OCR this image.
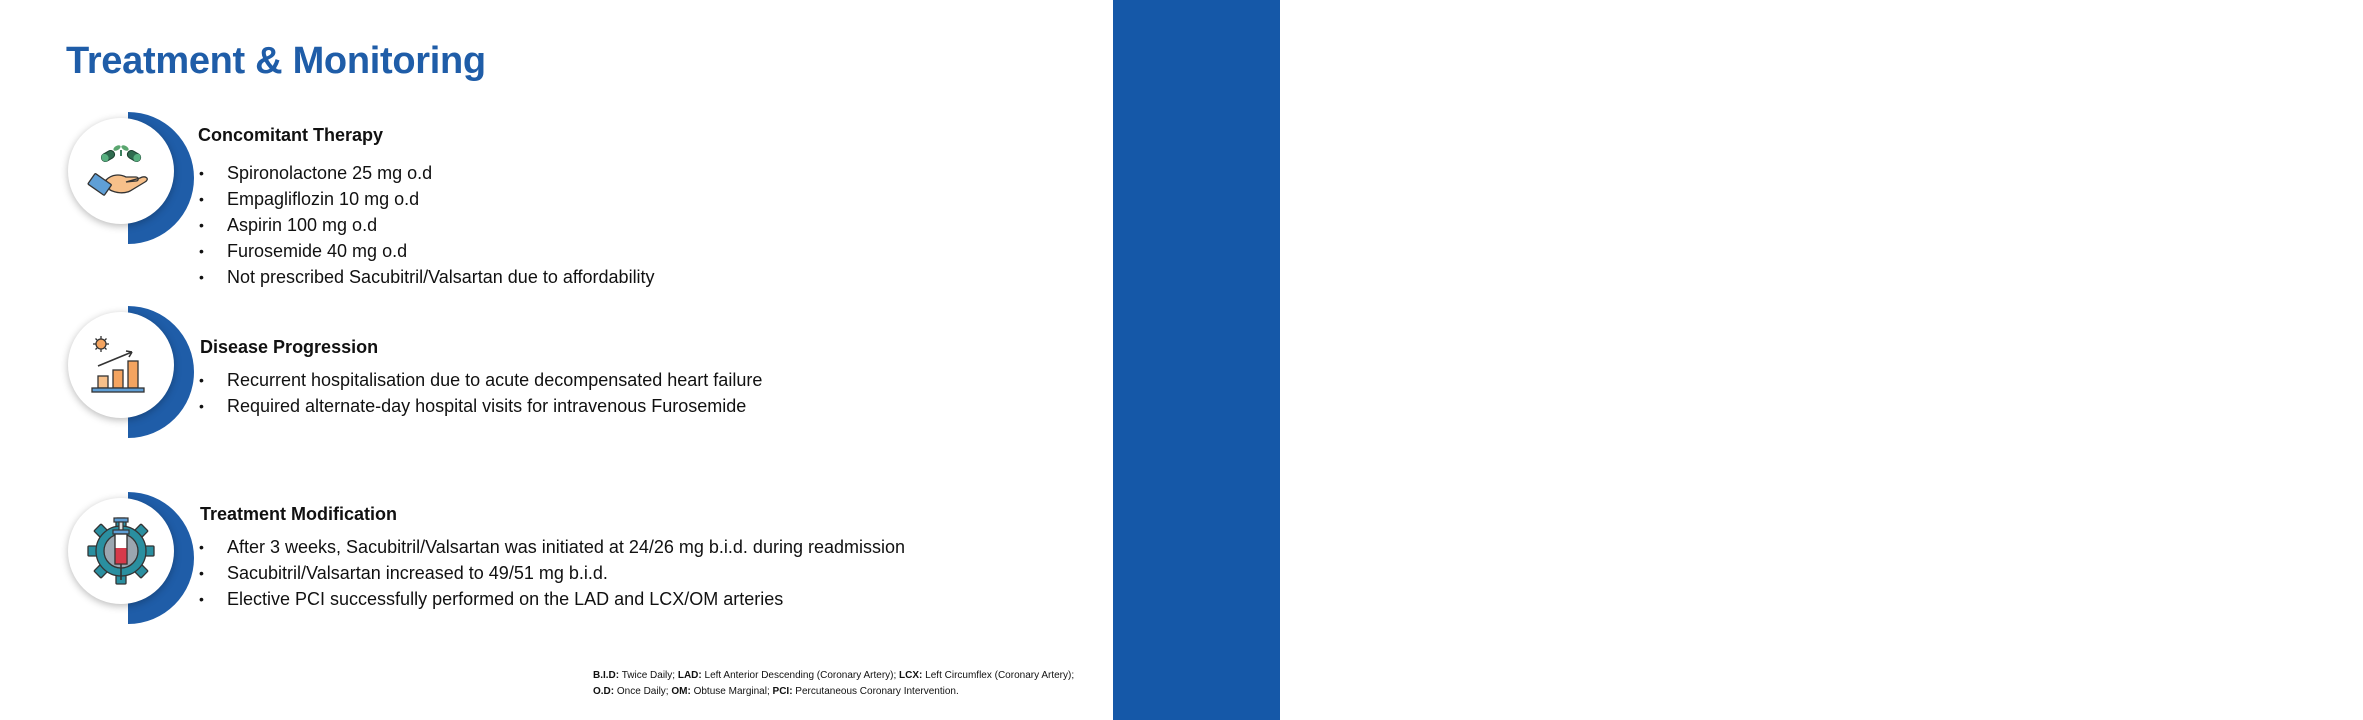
Part 2 of 2
Treatment & Monitoring
Concomitant Therapy
• Spironolactone 25 mg o.d
• Empagliflozin 10 mg o.d
• Aspirin 100 mg o.d
• Furosemide 40 mg o.d
• Not prescribed Sacubitril/Valsartan due to affordability
Disease Progression
• Recurrent hospitalisation due to acute decompensated heart failure
• Required alternate-day hospital visits for intravenous Furosemide
Treatment Modification
• After 3 weeks, Sacubitril/Valsartan was initiated at 24/26 mg b.i.d. during readmission
• Sacubitril/Valsartan increased to 49/51 mg b.i.d.
• Elective PCI successfully performed on the LAD and LCX/OM arteries
B.I.D: Twice Daily; LAD: Left Anterior Descending (Coronary Artery); LCX: Left Circumflex (Coronary Artery);
O.D: Once Daily; OM: Obtuse Marginal; PCI: Percutaneous Coronary Intervention.
